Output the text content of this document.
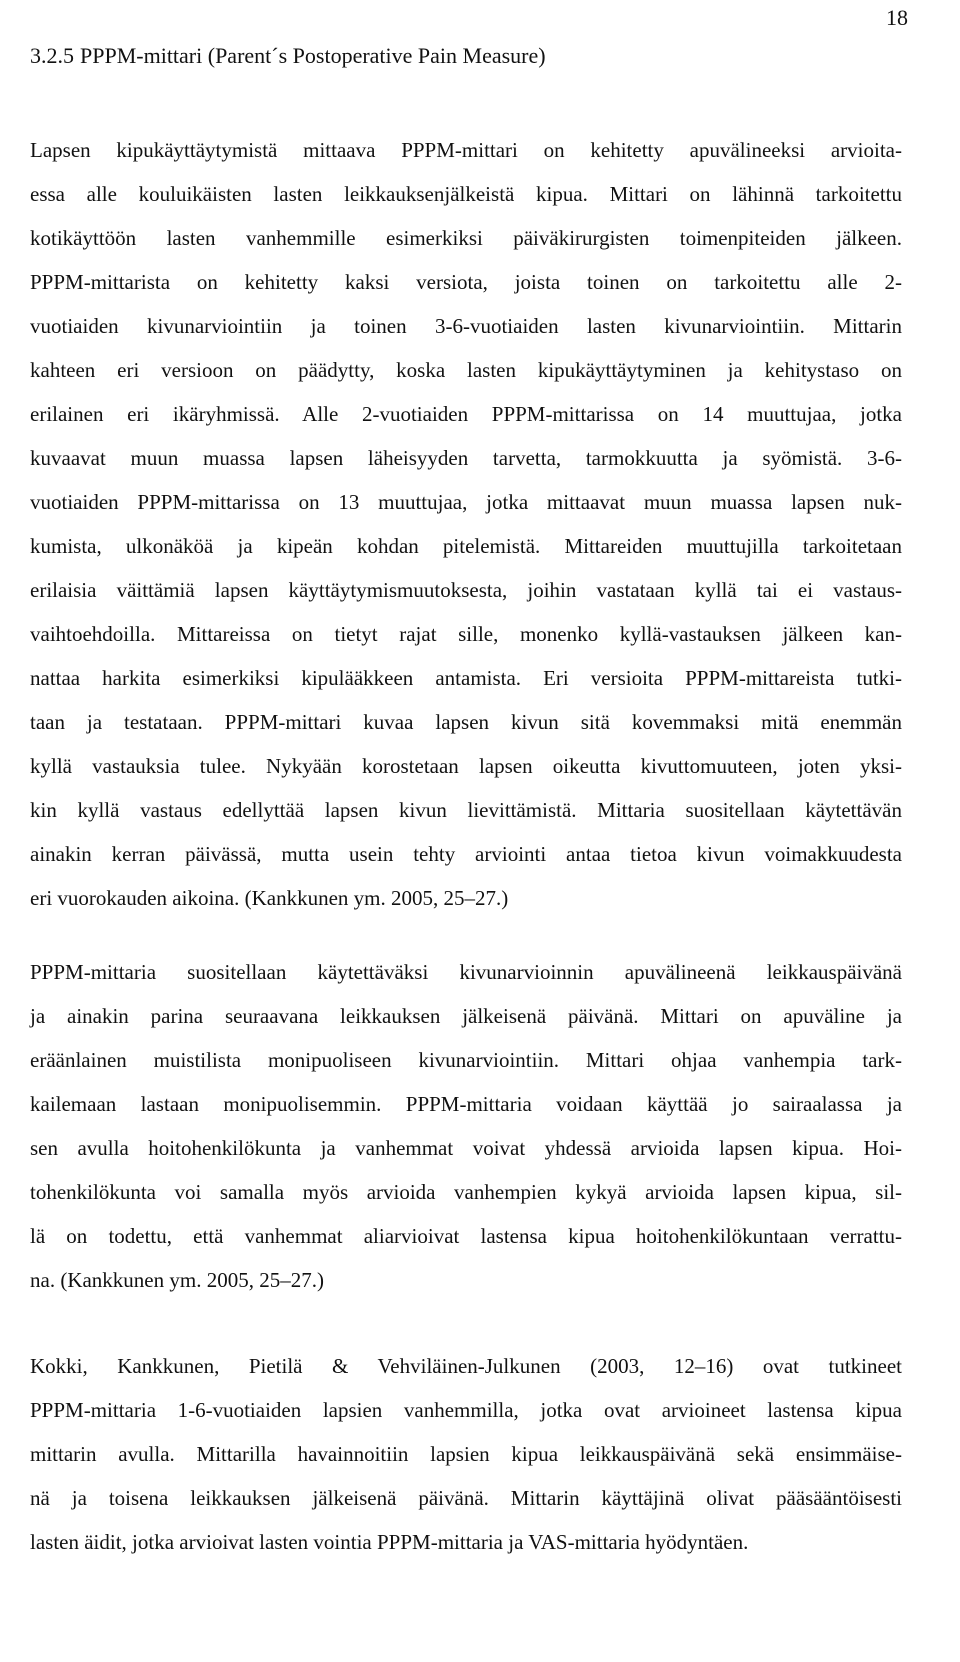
18
3.2.5 PPPM-mittari (Parent´s Postoperative Pain Measure)
Lapsen kipukäyttäytymistä mittaava PPPM-mittari on kehitetty apuvälineeksi arvioita-
essa alle kouluikäisten lasten leikkauksenjälkeistä kipua. Mittari on lähinnä tarkoitettu
kotikäyttöön lasten vanhemmille esimerkiksi päiväkirurgisten toimenpiteiden jälkeen.
PPPM-mittarista on kehitetty kaksi versiota, joista toinen on tarkoitettu alle 2-
vuotiaiden kivunarviointiin ja toinen 3-6-vuotiaiden lasten kivunarviointiin. Mittarin
kahteen eri versioon on päädytty, koska lasten kipukäyttäytyminen ja kehitystaso on
erilainen eri ikäryhmissä. Alle 2-vuotiaiden PPPM-mittarissa on 14 muuttujaa, jotka
kuvaavat muun muassa lapsen läheisyyden tarvetta, tarmokkuutta ja syömistä. 3-6-
vuotiaiden PPPM-mittarissa on 13 muuttujaa, jotka mittaavat muun muassa lapsen nuk-
kumista, ulkonäköä ja kipeän kohdan pitelemistä. Mittareiden muuttujilla tarkoitetaan
erilaisia väittämiä lapsen käyttäytymismuutoksesta, joihin vastataan kyllä tai ei vastaus-
vaihtoehdoilla. Mittareissa on tietyt rajat sille, monenko kyllä-vastauksen jälkeen kan-
nattaa harkita esimerkiksi kipulääkkeen antamista. Eri versioita PPPM-mittareista tutki-
taan ja testataan. PPPM-mittari kuvaa lapsen kivun sitä kovemmaksi mitä enemmän
kyllä vastauksia tulee. Nykyään korostetaan lapsen oikeutta kivuttomuuteen, joten yksi-
kin kyllä vastaus edellyttää lapsen kivun lievittämistä. Mittaria suositellaan käytettävän
ainakin kerran päivässä, mutta usein tehty arviointi antaa tietoa kivun voimakkuudesta
eri vuorokauden aikoina. (Kankkunen ym. 2005, 25–27.)
PPPM-mittaria suositellaan käytettäväksi kivunarvioinnin apuvälineenä leikkauspäivänä
ja ainakin parina seuraavana leikkauksen jälkeisenä päivänä. Mittari on apuväline ja
eräänlainen muistilista monipuoliseen kivunarviointiin. Mittari ohjaa vanhempia tark-
kailemaan lastaan monipuolisemmin. PPPM-mittaria voidaan käyttää jo sairaalassa ja
sen avulla hoitohenkilökunta ja vanhemmat voivat yhdessä arvioida lapsen kipua. Hoi-
tohenkilökunta voi samalla myös arvioida vanhempien kykyä arvioida lapsen kipua, sil-
lä on todettu, että vanhemmat aliarvioivat lastensa kipua hoitohenkilökuntaan verrattu-
na. (Kankkunen ym. 2005, 25–27.)
Kokki, Kankkunen, Pietilä & Vehviläinen-Julkunen (2003, 12–16) ovat tutkineet
PPPM-mittaria 1-6-vuotiaiden lapsien vanhemmilla, jotka ovat arvioineet lastensa kipua
mittarin avulla. Mittarilla havainnoitiin lapsien kipua leikkauspäivänä sekä ensimmäise-
nä ja toisena leikkauksen jälkeisenä päivänä. Mittarin käyttäjinä olivat pääsääntöisesti
lasten äidit, jotka arvioivat lasten vointia PPPM-mittaria ja VAS-mittaria hyödyntäen.
